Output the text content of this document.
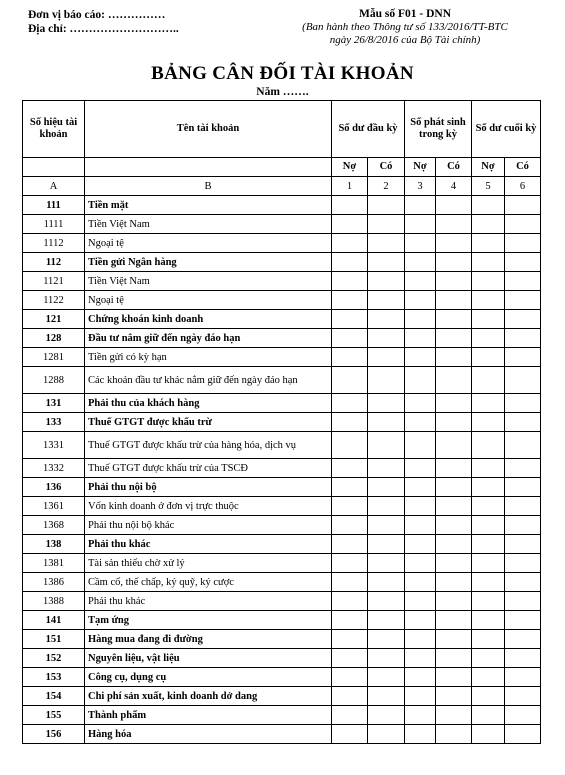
Đơn vị báo cáo: ……………
Địa chỉ: ………………………..
Mẫu số F01 - DNN
(Ban hành theo Thông tư số 133/2016/TT-BTC
ngày 26/8/2016 của Bộ Tài chính)
BẢNG CÂN ĐỐI TÀI KHOẢN
Năm …….
Số hiệu tài khoản	Tên tài khoản	Số dư đầu kỳ		Số phát sinh trong kỳ		Số dư cuối kỳ	
		Nợ	Có	Nợ	Có	Nợ	Có
A	B	1	2	3	4	5	6
111	Tiền mặt						
1111	Tiền Việt Nam						
1112	Ngoại tệ						
112	Tiền gửi Ngân hàng						
1121	Tiền Việt Nam						
1122	Ngoại tệ						
121	Chứng khoán kinh doanh						
128	Đầu tư nắm giữ đến ngày đáo hạn						
1281	Tiền gửi có kỳ hạn						
1288	Các khoản đầu tư khác nắm giữ đến ngày đáo hạn						
131	Phải thu của khách hàng						
133	Thuế GTGT được khấu trừ						
1331	Thuế GTGT được khấu trừ của hàng hóa, dịch vụ						
1332	Thuế GTGT được khấu trừ của TSCĐ						
136	Phải thu nội bộ						
1361	Vốn kinh doanh ở đơn vị trực thuộc						
1368	Phải thu nội bộ khác						
138	Phải thu khác						
1381	Tài sản thiếu chờ xử lý						
1386	Cầm cố, thế chấp, ký quỹ, ký cược						
1388	Phải thu khác						
141	Tạm ứng						
151	Hàng mua đang đi đường						
152	Nguyên liệu, vật liệu						
153	Công cụ, dụng cụ						
154	Chi phí sản xuất, kinh doanh dở dang						
155	Thành phẩm						
156	Hàng hóa						
